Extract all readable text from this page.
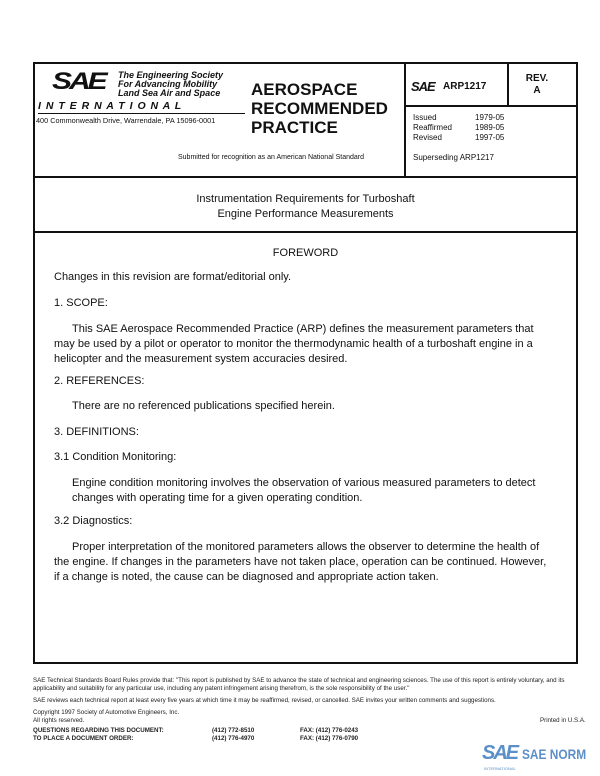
SAE The Engineering Society
For Advancing Mobility
Land Sea Air and Space
I N T E R N A T I O N A L
400 Commonwealth Drive, Warrendale, PA 15096-0001
AEROSPACE
RECOMMENDED
PRACTICE
Submitted for recognition as an American National Standard
SAE ARP1217
REV.
A
Issued	1979-05
Reaffirmed	1989-05
Revised	1997-05
Superseding ARP1217
Instrumentation Requirements for Turboshaft
Engine Performance Measurements
FOREWORD
Changes in this revision are format/editorial only.
1. SCOPE:
This SAE Aerospace Recommended Practice (ARP) defines the measurement parameters that may be used by a pilot or operator to monitor the thermodynamic health of a turboshaft engine in a helicopter and the measurement system accuracies desired.
2. REFERENCES:
There are no referenced publications specified herein.
3. DEFINITIONS:
3.1 Condition Monitoring:
Engine condition monitoring involves the observation of various measured parameters to detect changes with operating time for a given operating condition.
3.2 Diagnostics:
Proper interpretation of the monitored parameters allows the observer to determine the health of the engine. If changes in the parameters have not taken place, operation can be continued. However, if a change is noted, the cause can be diagnosed and appropriate action taken.
SAE Technical Standards Board Rules provide that: "This report is published by SAE to advance the state of technical and engineering sciences. The use of this report is entirely voluntary, and its applicability and suitability for any particular use, including any patent infringement arising therefrom, is the sole responsibility of the user."
SAE reviews each technical report at least every five years at which time it may be reaffirmed, revised, or cancelled. SAE invites your written comments and suggestions.
Copyright 1997 Society of Automotive Engineers, Inc.
All rights reserved.	Printed in U.S.A.
QUESTIONS REGARDING THIS DOCUMENT:	(412) 772-8510	FAX: (412) 776-0243
TO PLACE A DOCUMENT ORDER:	(412) 776-4970	FAX: (412) 776-0790
SAE SAE NORM
INTERNATIONAL
